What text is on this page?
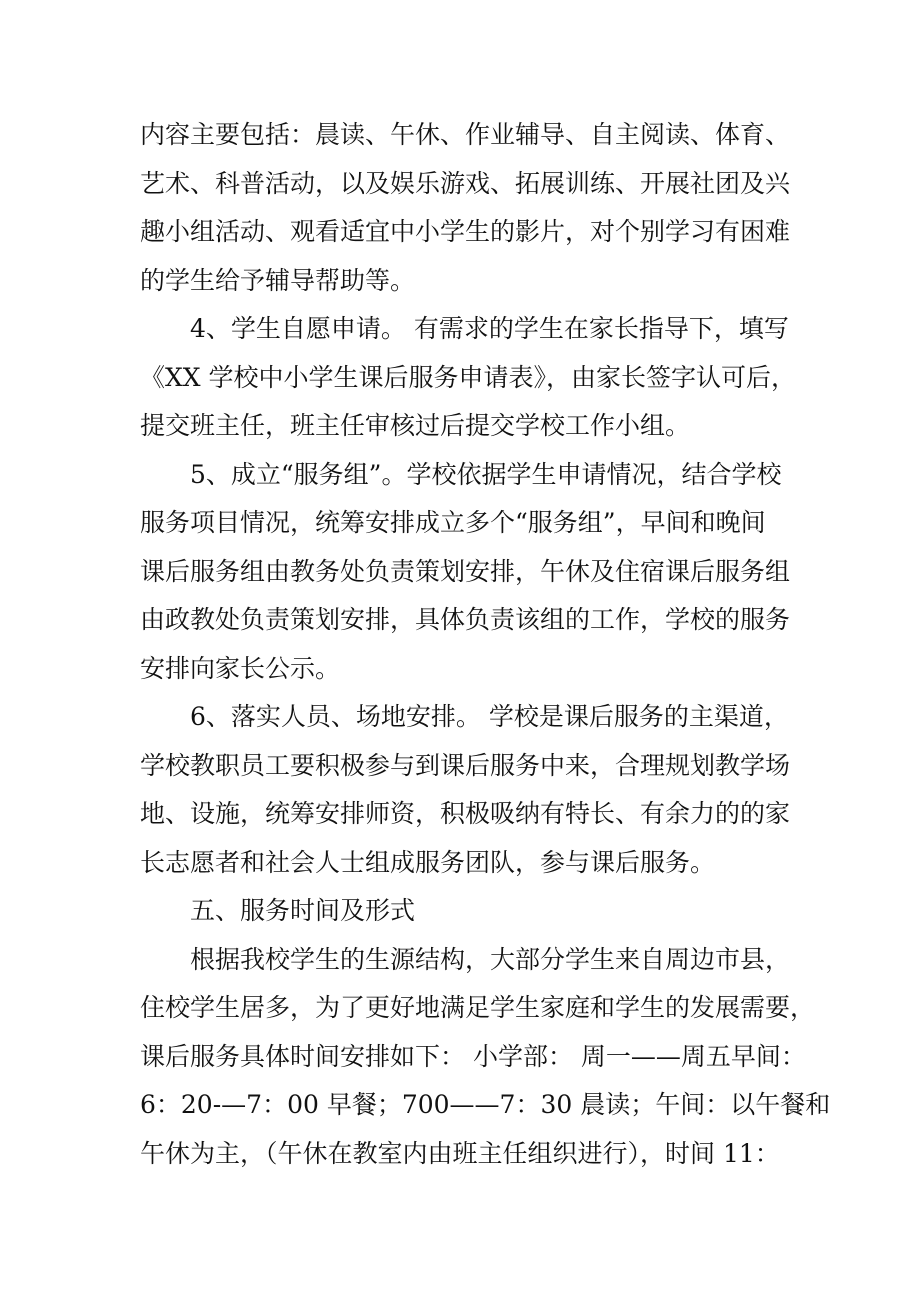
内容主要包括：晨读、午休、作业辅导、自主阅读、体育、
艺术、科普活动，以及娱乐游戏、拓展训练、开展社团及兴
趣小组活动、观看适宜中小学生的影片，对个别学习有困难
的学生给予辅导帮助等。
4、学生自愿申请。 有需求的学生在家长指导下，填写
《XX 学校中小学生课后服务申请表》，由家长签字认可后，
提交班主任，班主任审核过后提交学校工作小组。
5、成立“服务组”。学校依据学生申请情况，结合学校
服务项目情况，统筹安排成立多个“服务组”，早间和晚间
课后服务组由教务处负责策划安排，午休及住宿课后服务组
由政教处负责策划安排，具体负责该组的工作，学校的服务
安排向家长公示。
6、落实人员、场地安排。 学校是课后服务的主渠道，
学校教职员工要积极参与到课后服务中来，合理规划教学场
地、设施，统筹安排师资，积极吸纳有特长、有余力的的家
长志愿者和社会人士组成服务团队，参与课后服务。
五、服务时间及形式
根据我校学生的生源结构，大部分学生来自周边市县，
住校学生居多，为了更好地满足学生家庭和学生的发展需要，
课后服务具体时间安排如下： 小学部： 周一——周五早间：
6：20-—7：00 早餐；700——7：30 晨读；午间：以午餐和
午休为主，（午休在教室内由班主任组织进行），时间 11：
